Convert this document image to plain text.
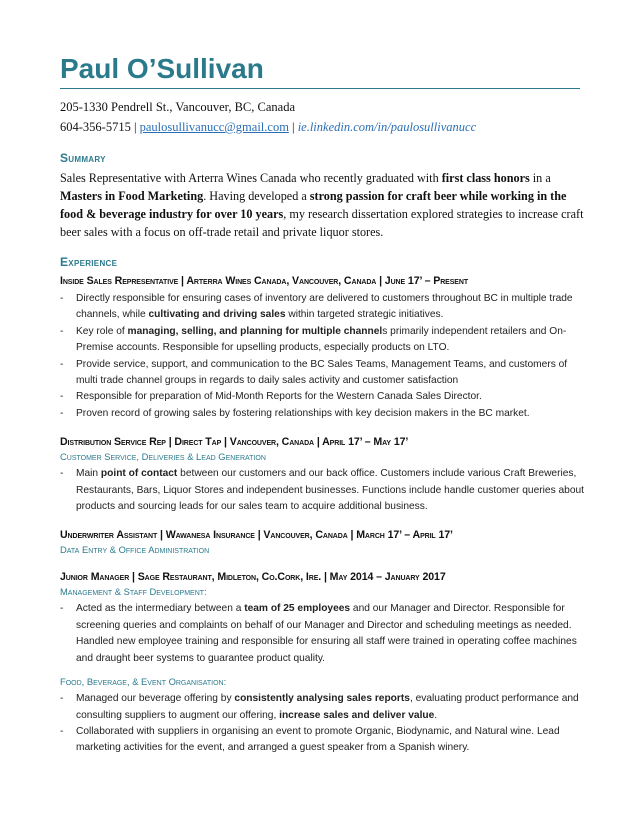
Paul O’Sullivan
205-1330 Pendrell St., Vancouver, BC, Canada
604-356-5715 | paulosullivanucc@gmail.com | ie.linkedin.com/in/paulosullivanucc
Summary
Sales Representative with Arterra Wines Canada who recently graduated with first class honors in a Masters in Food Marketing. Having developed a strong passion for craft beer while working in the food & beverage industry for over 10 years, my research dissertation explored strategies to increase craft beer sales with a focus on off-trade retail and private liquor stores.
Experience
Inside Sales Representative | Arterra Wines Canada, Vancouver, Canada | June 17’ – Present
- Directly responsible for ensuring cases of inventory are delivered to customers throughout BC in multiple trade channels, while cultivating and driving sales within targeted strategic initiatives.
- Key role of managing, selling, and planning for multiple channels primarily independent retailers and On-Premise accounts. Responsible for upselling products, especially products on LTO.
- Provide service, support, and communication to the BC Sales Teams, Management Teams, and customers of multi trade channel groups in regards to daily sales activity and customer satisfaction
- Responsible for preparation of Mid-Month Reports for the Western Canada Sales Director.
- Proven record of growing sales by fostering relationships with key decision makers in the BC market.
Distribution Service Rep | Direct Tap | Vancouver, Canada | April 17’ – May 17’
Customer Service, Deliveries & Lead Generation
- Main point of contact between our customers and our back office. Customers include various Craft Breweries, Restaurants, Bars, Liquor Stores and independent businesses. Functions include handle customer queries about products and sourcing leads for our sales team to acquire additional business.
Underwriter Assistant | Wawanesa Insurance | Vancouver, Canada | March 17’ – April 17’
Data Entry & Office Administration
Junior Manager | Sage Restaurant, Midleton, Co.Cork, Ire. | May 2014 – January 2017
Management & Staff Development:
- Acted as the intermediary between a team of 25 employees and our Manager and Director. Responsible for screening queries and complaints on behalf of our Manager and Director and scheduling meetings as needed. Handled new employee training and responsible for ensuring all staff were trained in operating coffee machines and draught beer systems to guarantee product quality.
Food, Beverage, & Event Organisation:
- Managed our beverage offering by consistently analysing sales reports, evaluating product performance and consulting suppliers to augment our offering, increase sales and deliver value.
- Collaborated with suppliers in organising an event to promote Organic, Biodynamic, and Natural wine. Lead marketing activities for the event, and arranged a guest speaker from a Spanish winery.
